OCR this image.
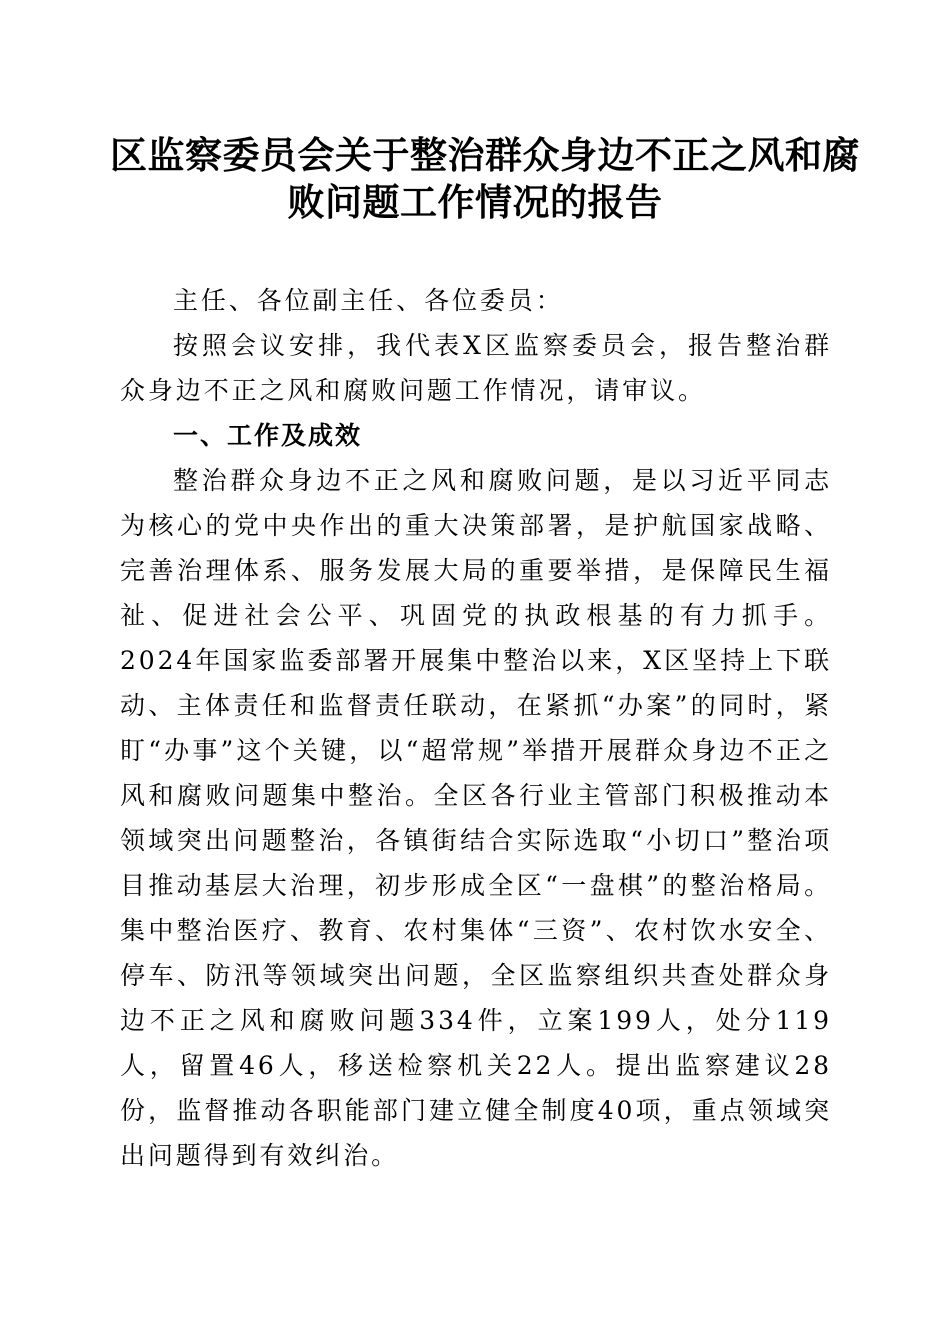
区监察委员会关于整治群众身边不正之风和腐
败问题工作情况的报告

主任、各位副主任、各位委员：

按照会议安排，我代表X区监察委员会，报告整治群众身边不正之风和腐败问题工作情况，请审议。

一、工作及成效

整治群众身边不正之风和腐败问题，是以习近平同志为核心的党中央作出的重大决策部署，是护航国家战略、完善治理体系、服务发展大局的重要举措，是保障民生福祉、促进社会公平、巩固党的执政根基的有力抓手。2024年国家监委部署开展集中整治以来，X区坚持上下联动、主体责任和监督责任联动，在紧抓“办案”的同时，紧盯“办事”这个关键，以“超常规”举措开展群众身边不正之风和腐败问题集中整治。全区各行业主管部门积极推动本领域突出问题整治，各镇街结合实际选取“小切口”整治项目推动基层大治理，初步形成全区“一盘棋”的整治格局。集中整治医疗、教育、农村集体“三资”、农村饮水安全、停车、防汛等领域突出问题，全区监察组织共查处群众身边不正之风和腐败问题334件，立案199人，处分119人，留置46人，移送检察机关22人。提出监察建议28份，监督推动各职能部门建立健全制度40项，重点领域突出问题得到有效纠治。
